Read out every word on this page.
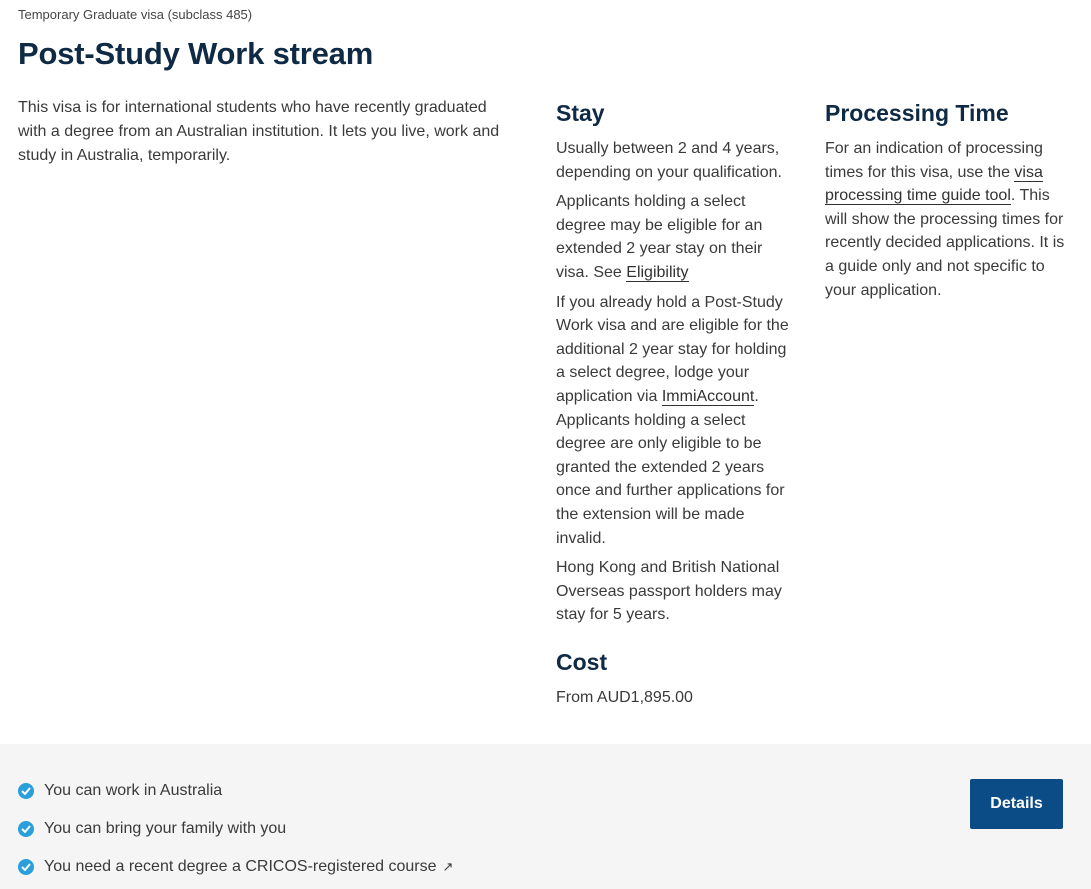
Temporary Graduate visa (subclass 485)
Post-Study Work stream

This visa is for international students who have recently graduated with a degree from an Australian institution. It lets you live, work and study in Australia, temporarily.

Stay

Usually between 2 and 4 years, depending on your qualification.

Applicants holding a select degree may be eligible for an extended 2 year stay on their visa. See Eligibility

If you already hold a Post-Study Work visa and are eligible for the additional 2 year stay for holding a select degree, lodge your application via ImmiAccount. Applicants holding a select degree are only eligible to be granted the extended 2 years once and further applications for the extension will be made invalid.

Hong Kong and British National Overseas passport holders may stay for 5 years.

Cost

From AUD1,895.00

Processing Time

For an indication of processing times for this visa, use the visa processing time guide tool. This will show the processing times for recently decided applications. It is a guide only and not specific to your application.

You can work in Australia
You can bring your family with you
You need a recent degree a CRICOS-registered course ↗
Details
